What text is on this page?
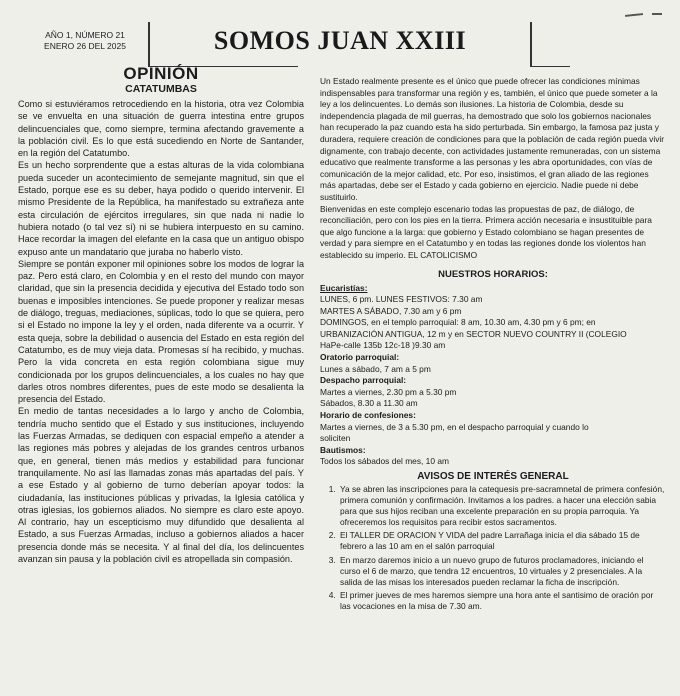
AÑO 1, NÚMERO 21
ENERO 26 DEL 2025	SOMOS JUAN XXIII
OPINIÓN
CATATUMBAS

Como si estuviéramos retrocediendo en la historia, otra vez Colombia se ve envuelta en una situación de guerra intestina entre grupos delincuenciales que, como siempre, termina afectando gravemente a la población civil. Es lo que está sucediendo en Norte de Santander, en la región del Catatumbo.

Es un hecho sorprendente que a estas alturas de la vida colombiana pueda suceder un acontecimiento de semejante magnitud, sin que el Estado, porque ese es su deber, haya podido o querido intervenir. El mismo Presidente de la República, ha manifestado su extrañeza ante esta circulación de ejércitos irregulares, sin que nada ni nadie lo hubiera notado (o tal vez sí) ni se hubiera interpuesto en su camino. Hace recordar la imagen del elefante en la casa que un antiguo obispo expuso ante un mandatario que juraba no haberlo visto.

Siempre se pontán exponer mil opiniones sobre los modos de lograr la paz. Pero está claro, en Colombia y en el resto del mundo con mayor claridad, que sin la presencia decidida y ejecutiva del Estado todo son buenas e imposibles intenciones. Se puede proponer y realizar mesas de diálogo, treguas, mediaciones, súplicas, todo lo que se quiera, pero si el Estado no impone la ley y el orden, nada diferente va a ocurrir. Y esta queja, sobre la debilidad o ausencia del Estado en esta región del Catatumbo, es de muy vieja data. Promesas sí ha recibido, y muchas. Pero la vida concreta en esta región colombiana sigue muy condicionada por los grupos delincuenciales, a los cuales no hay que darles otros nombres diferentes, pues de este modo se desalienta la presencia del Estado.

En medio de tantas necesidades a lo largo y ancho de Colombia, tendría mucho sentido que el Estado y sus instituciones, incluyendo las Fuerzas Armadas, se dediquen con espacial empeño a atender a las regiones más pobres y alejadas de los grandes centros urbanos que, en general, tienen más medios y estabilidad para funcionar tranquilamente. No así las llamadas zonas más apartadas del país. Y a ese Estado y al gobierno de turno deberían apoyar todos: la ciudadanía, las instituciones públicas y privadas, la Iglesia católica y otras iglesias, los gobiernos aliados. No siempre es claro este apoyo. Al contrario, hay un escepticismo muy difundido que desalienta al Estado, a sus Fuerzas Armadas, incluso a gobiernos aliados a hacer presencia donde más se necesita. Y al final del día, los delincuentes avanzan sin pausa y la población civil es atropellada sin compasión.

Un Estado realmente presente es el único que puede ofrecer las condiciones mínimas indispensables para transformar una región y es, también, el único que puede someter a la ley a los delincuentes. Lo demás son ilusiones. La historia de Colombia, desde su independencia plagada de mil guerras, ha demostrado que solo los gobiernos nacionales han recuperado la paz cuando esta ha sido perturbada. Sin embargo, la famosa paz justa y duradera, requiere creación de condiciones para que la población de cada región pueda vivir dignamente, con trabajo decente, con actividades justamente remuneradas, con un sistema educativo que realmente transforme a las personas y les abra oportunidades, con vías de comunicación de la mejor calidad, etc. Por eso, insistimos, el gran aliado de las regiones más apartadas, debe ser el Estado y cada gobierno en ejercicio. Nadie puede ni debe sustituirlo.

Bienvenidas en este complejo escenario todas las propuestas de paz, de diálogo, de reconciliación, pero con los pies en la tierra. Primera acción necesaria e insustituible para que algo funcione a la larga: que gobierno y Estado colombiano se hagan presentes de verdad y para siempre en el Catatumbo y en todas las regiones donde los violentos han establecido su imperio. EL CATOLICISMO

NUESTROS HORARIOS:

Eucaristías:

LUNES, 6 pm. LUNES FESTIVOS: 7.30 am

MARTES A SÁBADO, 7.30 am y 6 pm

DOMINGOS, en el templo parroquial: 8 am, 10.30 am, 4.30 pm y 6 pm; en

URBANIZACIÓN ANTIGUA, 12 m y en SECTOR NUEVO COUNTRY II (COLEGIO

HaPe-calle 135b 12c-18 )9.30 am

Oratorio parroquial:

Lunes a sábado, 7 am a 5 pm

Despacho parroquial:

Martes a viernes, 2.30 pm a 5.30 pm

Sábados, 8.30 a 11.30 am

Horario de confesiones:

Martes a viernes, de 3 a 5.30 pm, en el despacho parroquial y cuando lo

soliciten

Bautismos:

Todos los sábados del mes, 10 am

AVISOS DE INTERÉS GENERAL
1. Ya se abren las inscripciones para la catequesis pre-sacramnetal de primera confesión, primera comunión y confirmación. Invitamos a los padres. a hacer una elección sabia para que sus hijos reciban una excelente preparación en su propia parroquia. Ya ofreceremos los requisitos para recibir estos sacramentos.
2. El TALLER DE ORACION Y VIDA del padre Larrañaga inicia el dia sábado 15 de febrero a las 10 am en el salón parroquial
3. En marzo daremos inicio a un nuevo grupo de futuros proclamadores, iniciando el curso el 6 de marzo, que tendra 12 encuentros, 10 virtuales y 2 presenciales. A la salida de las misas los interesados pueden reclamar la ficha de inscripción.
4. El primer jueves de mes haremos siempre una hora ante el santisimo de oración por las vocaciones en la misa de 7.30 am.
